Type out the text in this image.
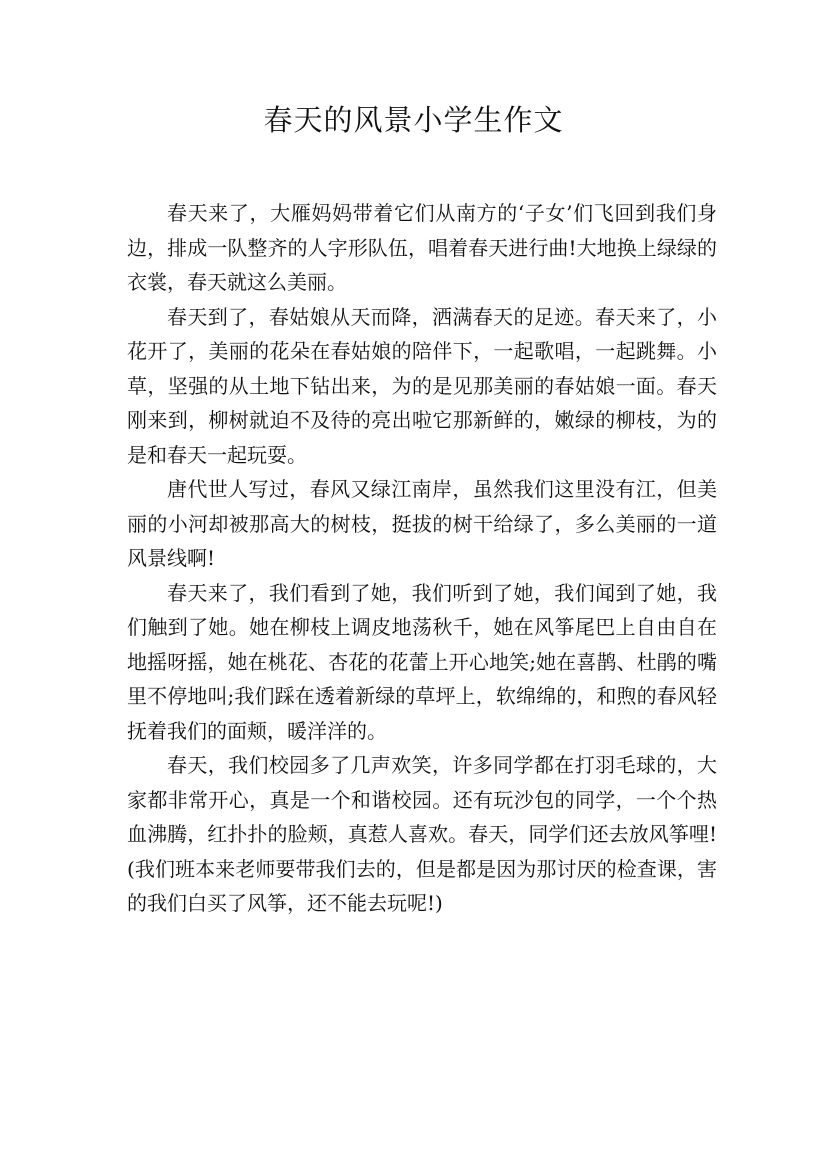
春天的风景小学生作文

春天来了，大雁妈妈带着它们从南方的‘子女’们飞回到我们身边，排成一队整齐的人字形队伍，唱着春天进行曲!大地换上绿绿的衣裳，春天就这么美丽。

春天到了，春姑娘从天而降，洒满春天的足迹。春天来了，小花开了，美丽的花朵在春姑娘的陪伴下，一起歌唱，一起跳舞。小草，坚强的从土地下钻出来，为的是见那美丽的春姑娘一面。春天刚来到，柳树就迫不及待的亮出啦它那新鲜的，嫩绿的柳枝，为的是和春天一起玩耍。

唐代世人写过，春风又绿江南岸，虽然我们这里没有江，但美丽的小河却被那高大的树枝，挺拔的树干给绿了，多么美丽的一道风景线啊!

春天来了，我们看到了她，我们听到了她，我们闻到了她，我们触到了她。她在柳枝上调皮地荡秋千，她在风筝尾巴上自由自在地摇呀摇，她在桃花、杏花的花蕾上开心地笑;她在喜鹊、杜鹃的嘴里不停地叫;我们踩在透着新绿的草坪上，软绵绵的，和煦的春风轻抚着我们的面颊，暖洋洋的。

春天，我们校园多了几声欢笑，许多同学都在打羽毛球的，大家都非常开心，真是一个和谐校园。还有玩沙包的同学，一个个热血沸腾，红扑扑的脸颊，真惹人喜欢。春天，同学们还去放风筝哩!(我们班本来老师要带我们去的，但是都是因为那讨厌的检查课，害的我们白买了风筝，还不能去玩呢!)
